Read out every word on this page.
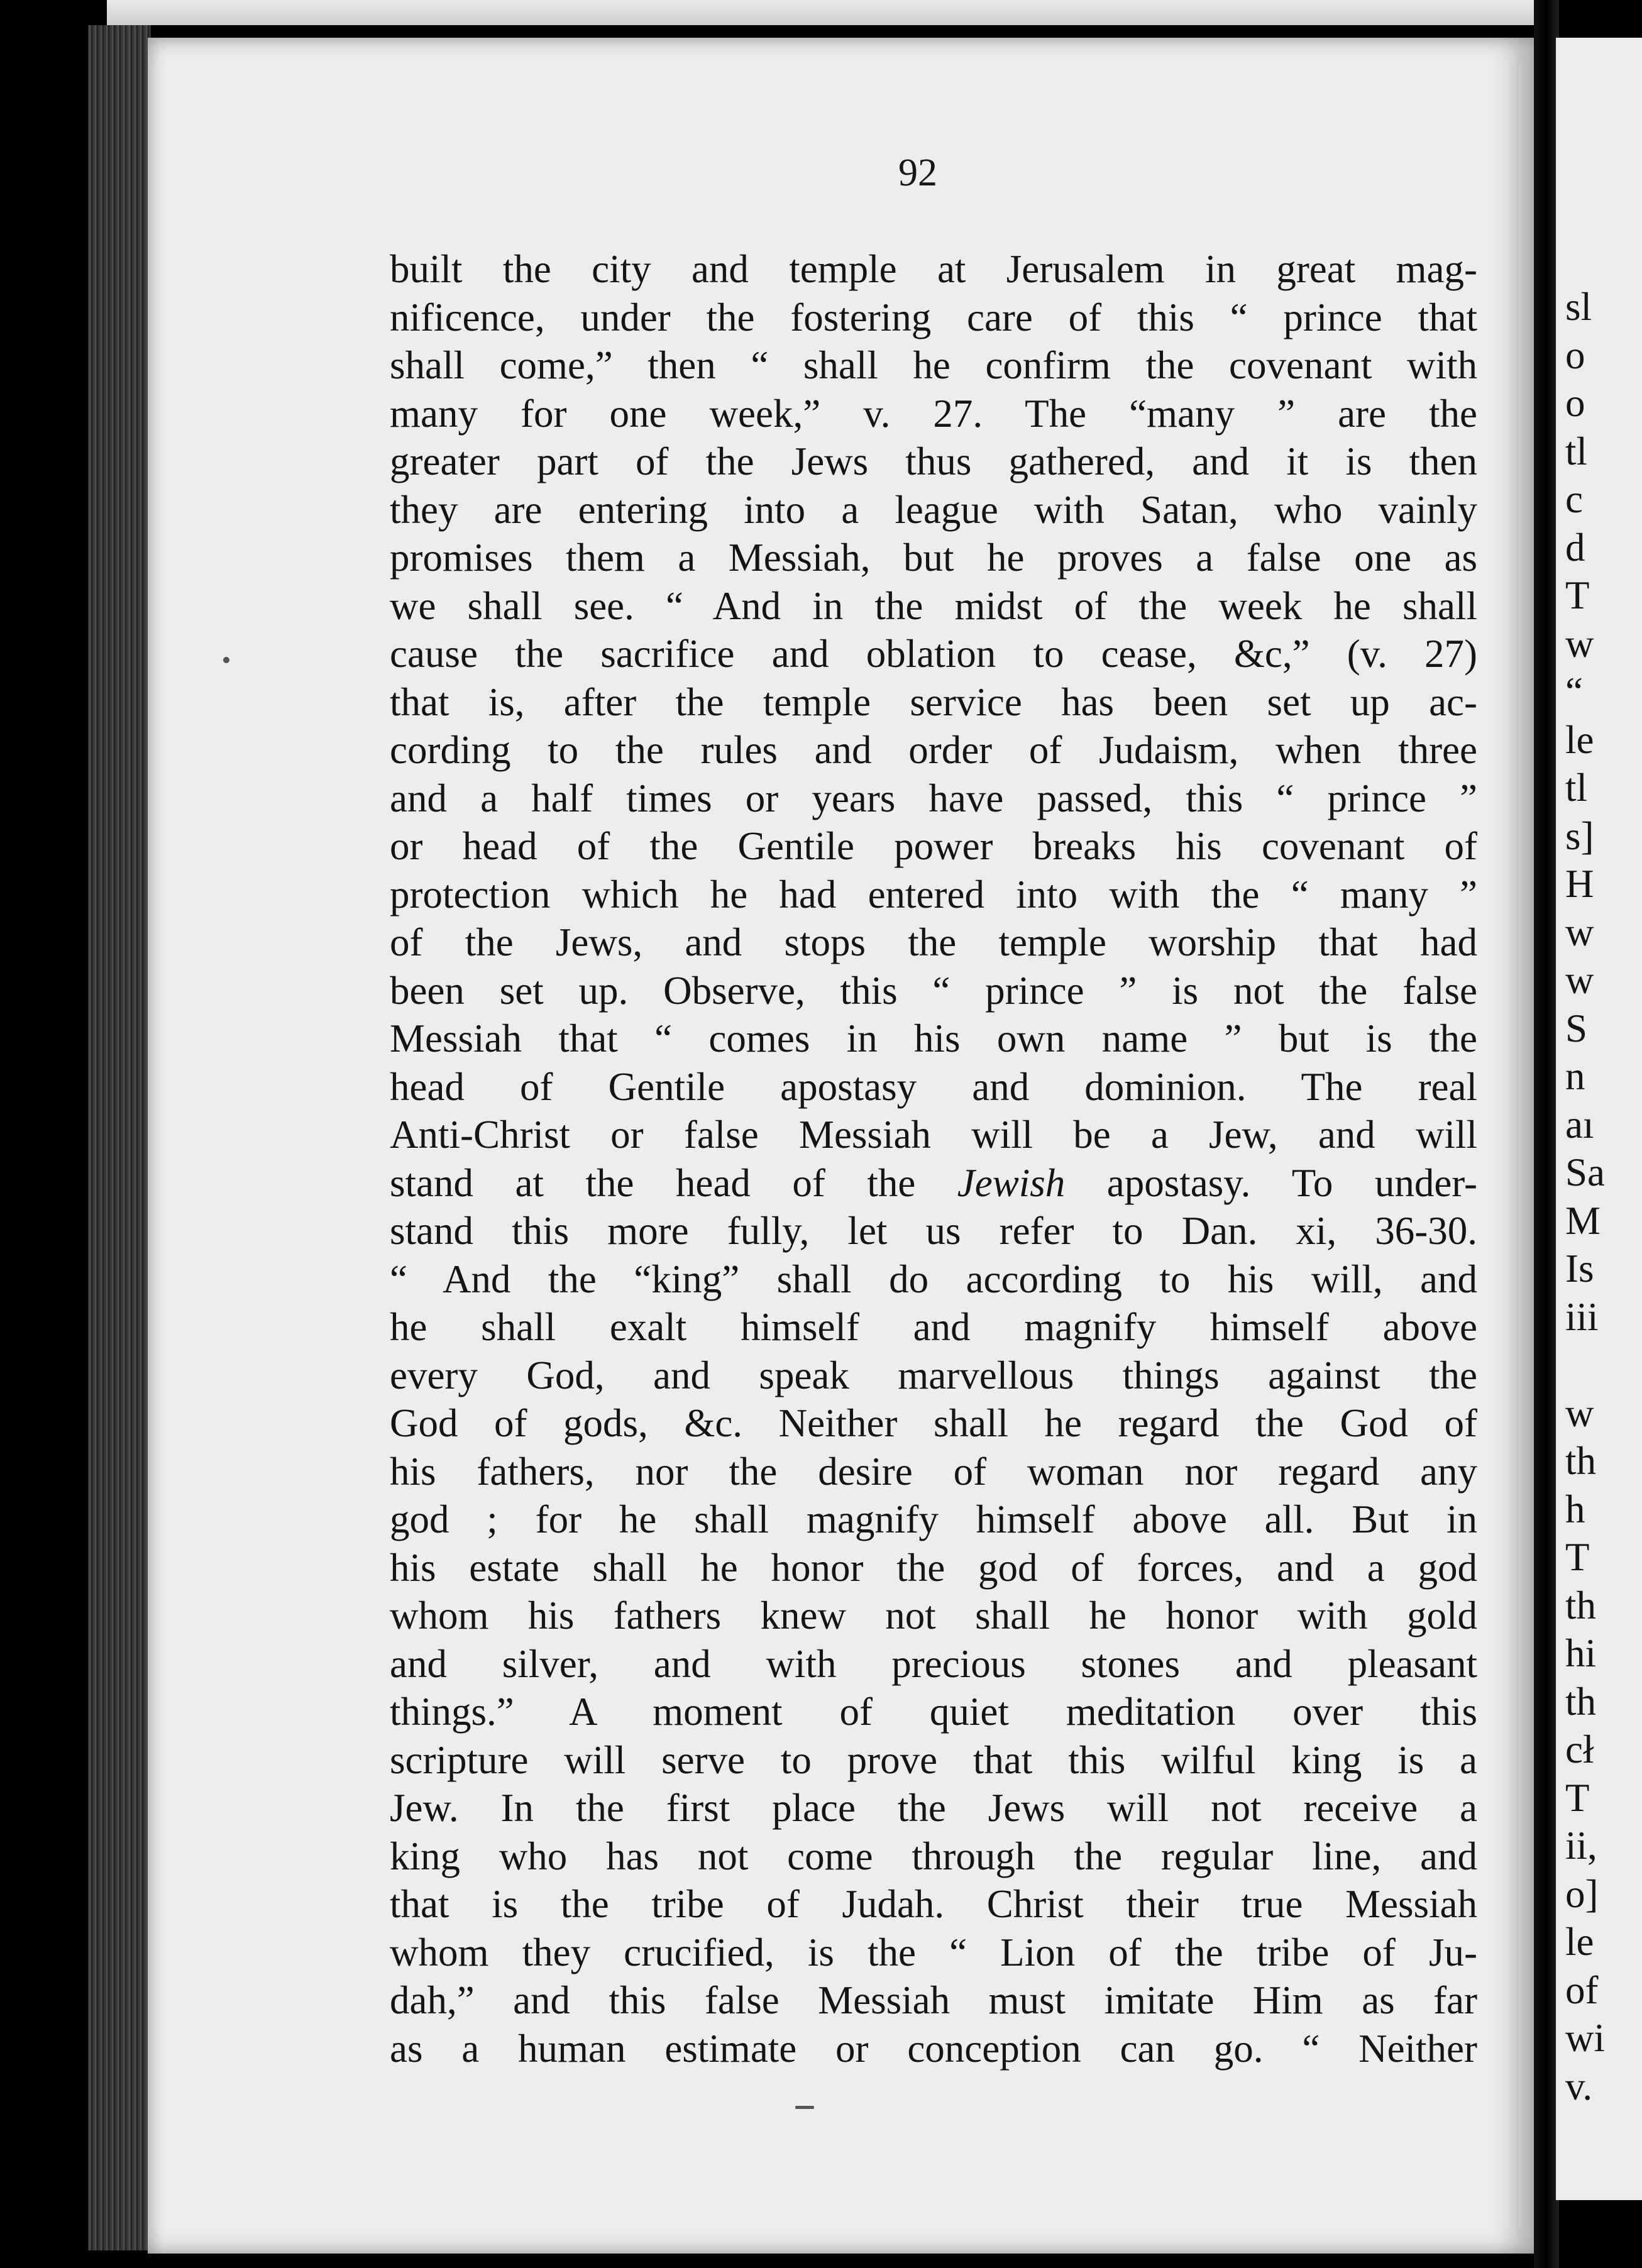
92
built the city and temple at Jerusalem in great mag-
nificence, under the fostering care of this “ prince that
shall come,” then “ shall he confirm the covenant with
many for one week,” v. 27. The “many ” are the
greater part of the Jews thus gathered, and it is then
they are entering into a league with Satan, who vainly
promises them a Messiah, but he proves a false one as
we shall see. “ And in the midst of the week he shall
cause the sacrifice and oblation to cease, &c,” (v. 27)
that is, after the temple service has been set up ac-
cording to the rules and order of Judaism, when three
and a half times or years have passed, this “ prince ”
or head of the Gentile power breaks his covenant of
protection which he had entered into with the “ many ”
of the Jews, and stops the temple worship that had
been set up. Observe, this “ prince ” is not the false
Messiah that “ comes in his own name ” but is the
head of Gentile apostasy and dominion. The real
Anti-Christ or false Messiah will be a Jew, and will
stand at the head of the Jewish apostasy. To under-
stand this more fully, let us refer to Dan. xi, 36-30.
“ And the “king” shall do according to his will, and
he shall exalt himself and magnify himself above
every God, and speak marvellous things against the
God of gods, &c. Neither shall he regard the God of
his fathers, nor the desire of woman nor regard any
god ; for he shall magnify himself above all. But in
his estate shall he honor the god of forces, and a god
whom his fathers knew not shall he honor with gold
and silver, and with precious stones and pleasant
things.” A moment of quiet meditation over this
scripture will serve to prove that this wilful king is a
Jew. In the first place the Jews will not receive a
king who has not come through the regular line, and
that is the tribe of Judah. Christ their true Messiah
whom they crucified, is the “ Lion of the tribe of Ju-
dah,” and this false Messiah must imitate Him as far
as a human estimate or conception can go. “ Neither
sl
o
o
tl
c
d
T
w
“
le
tl
s]
H
w
w
S
n
aı
Sa
M
Is
iii
w
th
h
T
th
hi
th
cł
T
ii,
o]
le
of
wi
v.
